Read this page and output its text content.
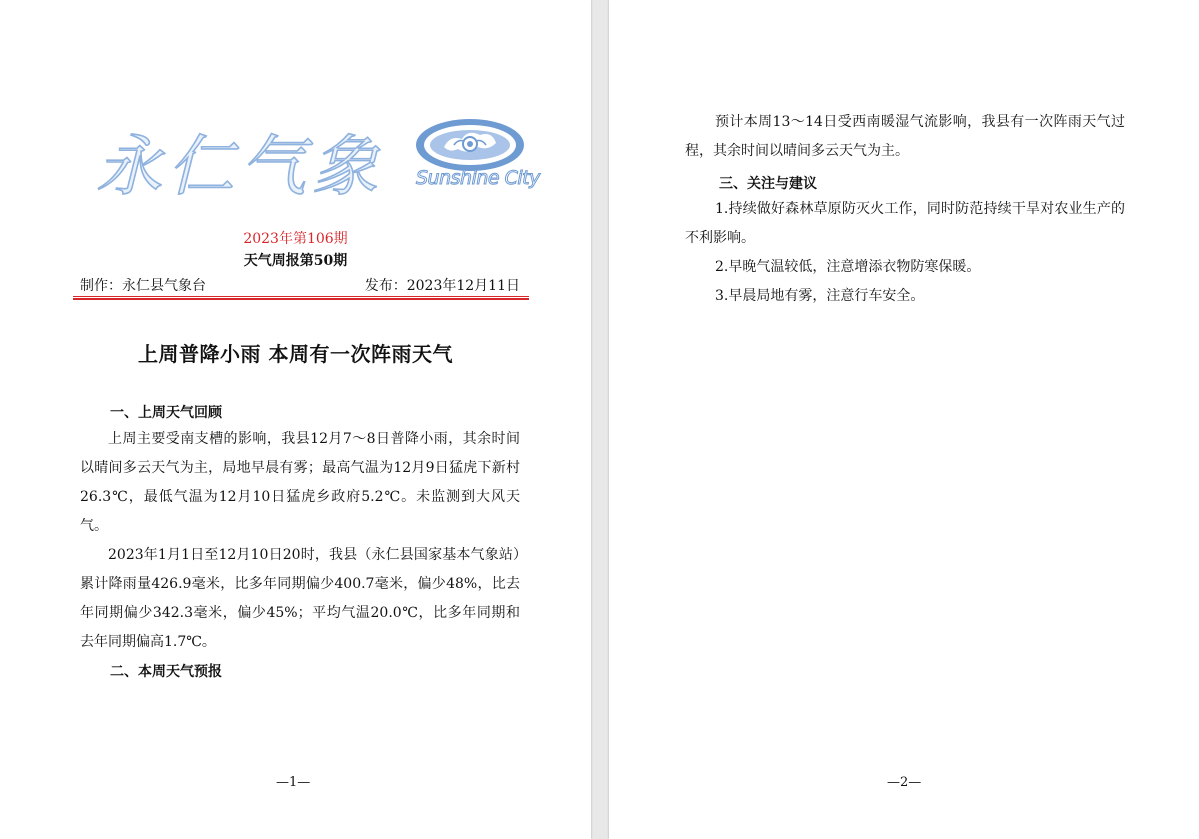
永仁气象 Sunshine City
2023年第106期
天气周报第50期
制作：永仁县气象台	发布：2023年12月11日
上周普降小雨 本周有一次阵雨天气
一、上周天气回顾
上周主要受南支槽的影响，我县12月7～8日普降小雨，其余时间以晴间多云天气为主，局地早晨有雾；最高气温为12月9日猛虎下新村26.3℃，最低气温为12月10日猛虎乡政府5.2℃。未监测到大风天气。
2023年1月1日至12月10日20时，我县（永仁县国家基本气象站）累计降雨量426.9毫米，比多年同期偏少400.7毫米，偏少48%，比去年同期偏少342.3毫米，偏少45%；平均气温20.0℃，比多年同期和去年同期偏高1.7℃。
二、本周天气预报
—1—
预计本周13～14日受西南暖湿气流影响，我县有一次阵雨天气过程，其余时间以晴间多云天气为主。
三、关注与建议
1.持续做好森林草原防灭火工作，同时防范持续干旱对农业生产的不利影响。
2.早晚气温较低，注意增添衣物防寒保暖。
3.早晨局地有雾，注意行车安全。
—2—
